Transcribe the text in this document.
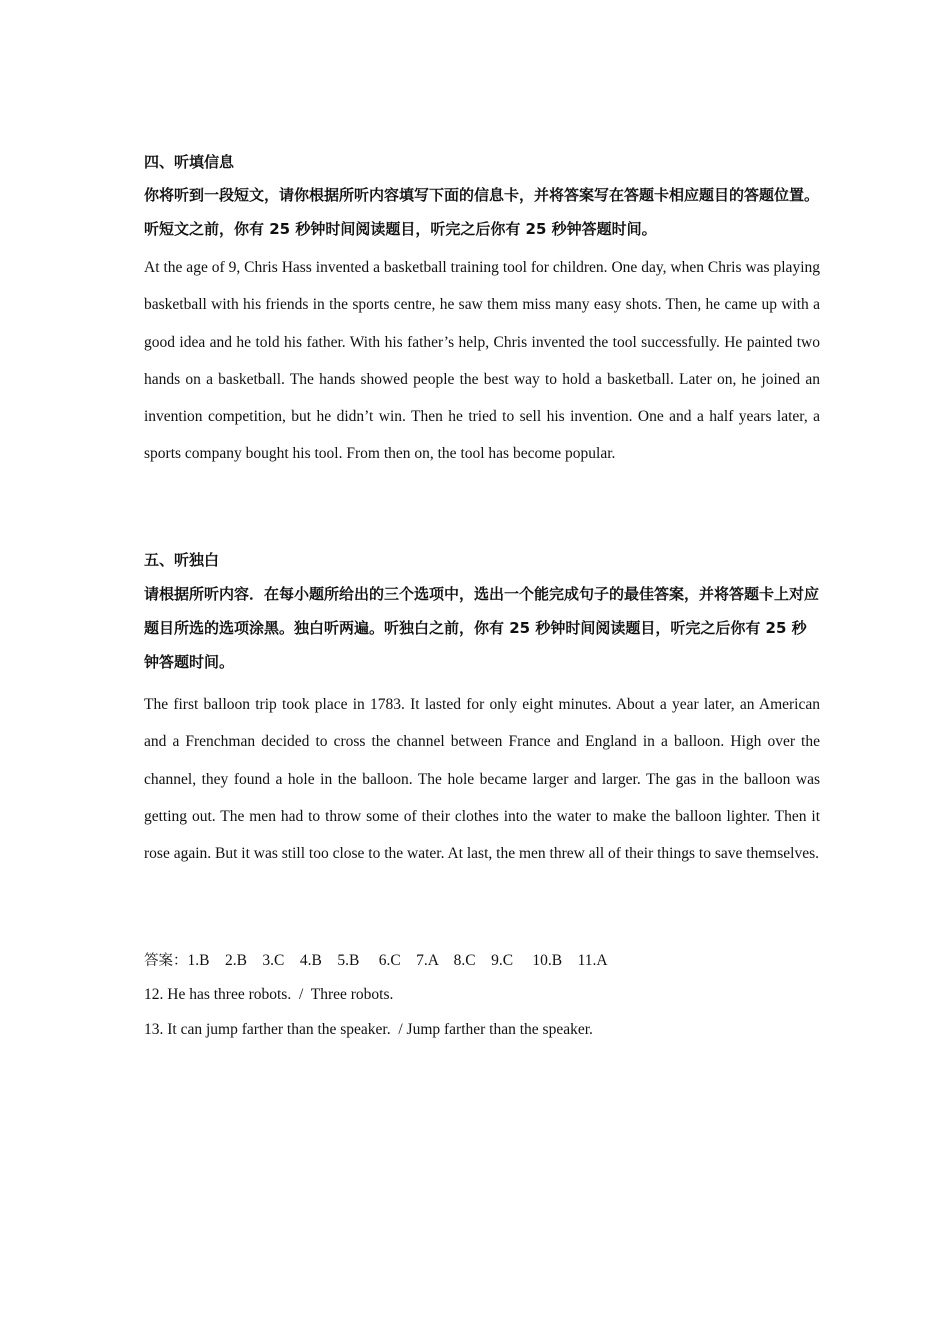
四、听填信息
你将听到一段短文，请你根据所听内容填写下面的信息卡，并将答案写在答题卡相应题目的答题位置。听短文之前，你有 25 秒钟时间阅读题目，听完之后你有 25 秒钟答题时间。
At the age of 9, Chris Hass invented a basketball training tool for children. One day, when Chris was playing basketball with his friends in the sports centre, he saw them miss many easy shots. Then, he came up with a good idea and he told his father. With his father’s help, Chris invented the tool successfully. He painted two hands on a basketball. The hands showed people the best way to hold a basketball. Later on, he joined an invention competition, but he didn’t win. Then he tried to sell his invention. One and a half years later, a sports company bought his tool. From then on, the tool has become popular.
五、听独白
请根据所听内容．在每小题所给出的三个选项中，选出一个能完成句子的最佳答案，并将答题卡上对应题目所选的选项涂黑。独白听两遍。听独白之前，你有 25 秒钟时间阅读题目，听完之后你有 25 秒钟答题时间。
The first balloon trip took place in 1783. It lasted for only eight minutes. About a year later, an American and a Frenchman decided to cross the channel between France and England in a balloon. High over the channel, they found a hole in the balloon. The hole became larger and larger. The gas in the balloon was getting out. The men had to throw some of their clothes into the water to make the balloon lighter. Then it rose again. But it was still too close to the water. At last, the men threw all of their things to save themselves.
答案：1.B    2.B    3.C    4.B    5.B     6.C    7.A    8.C    9.C     10.B    11.A
12. He has three robots.  /  Three robots.
13. It can jump farther than the speaker.  / Jump farther than the speaker.
